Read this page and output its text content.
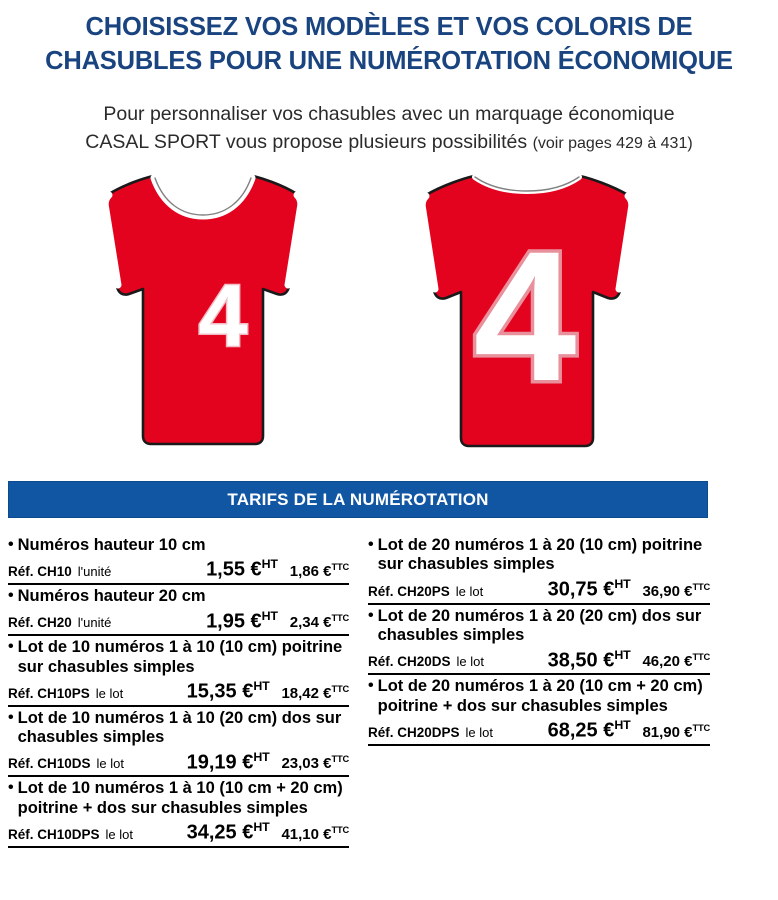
CHOISISSEZ VOS MODÈLES ET VOS COLORIS DE
CHASUBLES POUR UNE NUMÉROTATION ÉCONOMIQUE
Pour personnaliser vos chasubles avec un marquage économique
CASAL SPORT vous propose plusieurs possibilités (voir pages 429 à 431)
4 4
TARIFS DE LA NUMÉROTATION
• Numéros hauteur 10 cm
Réf. CH10 l'unité	1,55 €$^{HT}$ 1,86 €$^{TTC}$
• Numéros hauteur 20 cm
Réf. CH20 l'unité	1,95 €$^{HT}$ 2,34 €$^{TTC}$
• Lot de 10 numéros 1 à 10 (10 cm) poitrine sur chasubles simples
Réf. CH10PS le lot	15,35 €$^{HT}$ 18,42 €$^{TTC}$
• Lot de 10 numéros 1 à 10 (20 cm) dos sur chasubles simples
Réf. CH10DS le lot	19,19 €$^{HT}$ 23,03 €$^{TTC}$
• Lot de 10 numéros 1 à 10 (10 cm + 20 cm) poitrine + dos sur chasubles simples
Réf. CH10DPS le lot	34,25 €$^{HT}$ 41,10 €$^{TTC}$
• Lot de 20 numéros 1 à 20 (10 cm) poitrine sur chasubles simples
Réf. CH20PS le lot	30,75 €$^{HT}$ 36,90 €$^{TTC}$
• Lot de 20 numéros 1 à 20 (20 cm) dos sur chasubles simples
Réf. CH20DS le lot	38,50 €$^{HT}$ 46,20 €$^{TTC}$
• Lot de 20 numéros 1 à 20 (10 cm + 20 cm) poitrine + dos sur chasubles simples
Réf. CH20DPS le lot	68,25 €$^{HT}$ 81,90 €$^{TTC}$
